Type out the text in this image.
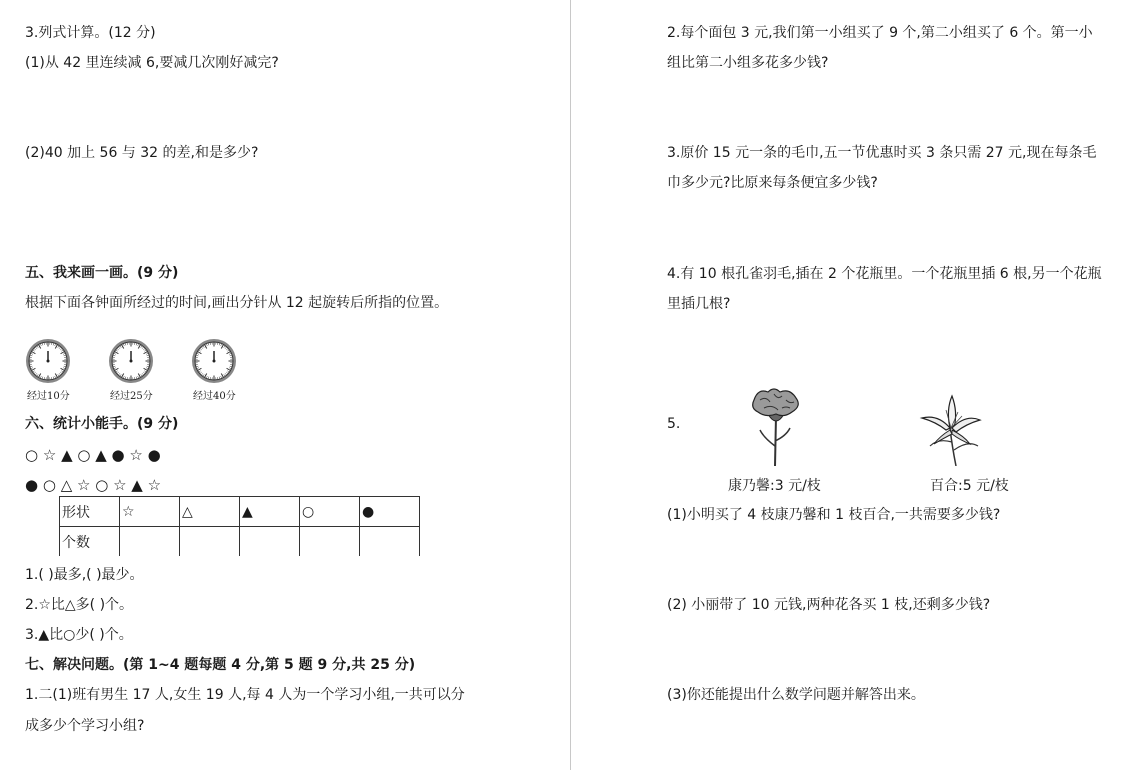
3.列式计算。(12 分)
(1)从 42 里连续减 6,要减几次刚好减完?
(2)40 加上 56 与 32 的差,和是多少?
五、我来画一画。(9 分)
根据下面各钟面所经过的时间,画出分针从 12 起旋转后所指的位置。
经过10分	经过25分	经过40分
六、统计小能手。(9 分)
○ ☆ ▲ ○ ▲ ● ☆ ●
● ○ △ ☆ ○ ☆ ▲ ☆
形状	☆	△	▲	○	●
个数					
1.( )最多,( )最少。
2.☆比△多( )个。
3.▲比○少( )个。
七、解决问题。(第 1~4 题每题 4 分,第 5 题 9 分,共 25 分)
1.二(1)班有男生 17 人,女生 19 人,每 4 人为一个学习小组,一共可以分
成多少个学习小组?
2.每个面包 3 元,我们第一小组买了 9 个,第二小组买了 6 个。第一小
组比第二小组多花多少钱?
3.原价 15 元一条的毛巾,五一节优惠时买 3 条只需 27 元,现在每条毛
巾多少元?比原来每条便宜多少钱?
4.有 10 根孔雀羽毛,插在 2 个花瓶里。一个花瓶里插 6 根,另一个花瓶
里插几根?
5.
康乃馨:3 元/枝	百合:5 元/枝
(1)小明买了 4 枝康乃馨和 1 枝百合,一共需要多少钱?
(2) 小丽带了 10 元钱,两种花各买 1 枝,还剩多少钱?
(3)你还能提出什么数学问题并解答出来。
